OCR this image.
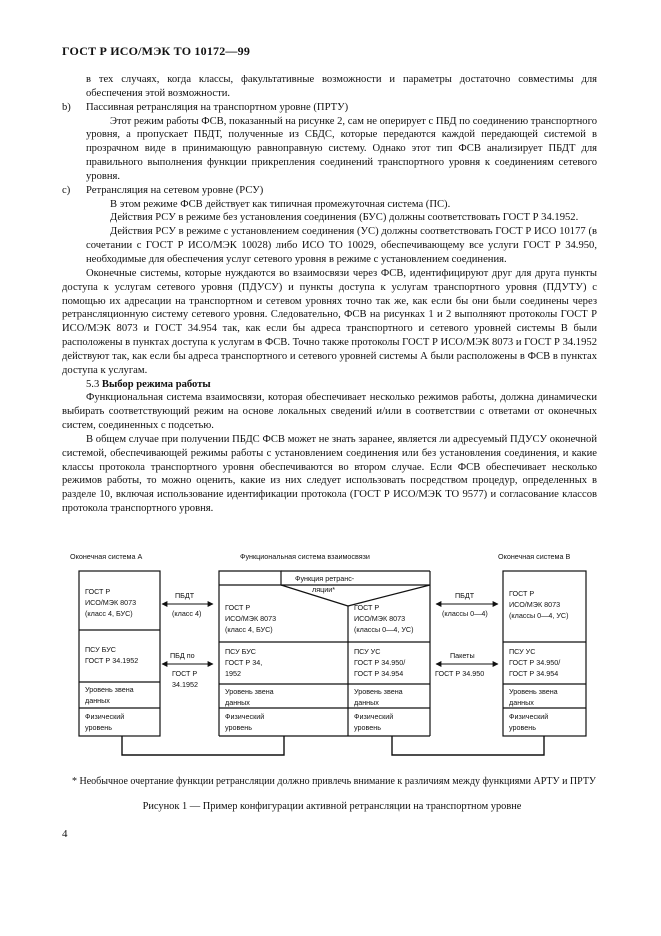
ГОСТ Р ИСО/МЭК ТО 10172—99

в тех случаях, когда классы, факультативные возможности и параметры достаточно совместимы для обеспечения этой возможности.

b) Пассивная ретрансляция на транспортном уровне (ПРТУ)

Этот режим работы ФСВ, показанный на рисунке 2, сам не оперирует с ПБД по соединению транспортного уровня, а пропускает ПБДТ, полученные из СБДС, которые передаются каждой передающей системой в прозрачном виде в принимающую равноправную систему. Однако этот тип ФСВ анализирует ПБДТ для правильного выполнения функции прикрепления соединений транспортного уровня к соединениям сетевого уровня.

c) Ретрансляция на сетевом уровне (РСУ)

В этом режиме ФСВ действует как типичная промежуточная система (ПС).

Действия РСУ в режиме без установления соединения (БУС) должны соответствовать ГОСТ Р 34.1952.

Действия РСУ в режиме с установлением соединения (УС) должны соответствовать ГОСТ Р ИСО 10177 (в сочетании с ГОСТ Р ИСО/МЭК 10028) либо ИСО ТО 10029, обеспечивающему все услуги ГОСТ Р 34.950, необходимые для обеспечения услуг сетевого уровня в режиме с установлением соединения.

Оконечные системы, которые нуждаются во взаимосвязи через ФСВ, идентифицируют друг для друга пункты доступа к услугам сетевого уровня (ПДУСУ) и пункты доступа к услугам транспортного уровня (ПДУТУ) с помощью их адресации на транспортном и сетевом уровнях точно так же, как если бы они были соединены через ретрансляционную систему сетевого уровня. Следовательно, ФСВ на рисунках 1 и 2 выполняют протоколы ГОСТ Р ИСО/МЭК 8073 и ГОСТ 34.954 так, как если бы адреса транспортного и сетевого уровней системы В были расположены в пунктах доступа к услугам в ФСВ. Точно также протоколы ГОСТ Р ИСО/МЭК 8073 и ГОСТ Р 34.1952 действуют так, как если бы адреса транспортного и сетевого уровней системы А были расположены в ФСВ в пунктах доступа к услугам.

5.3 Выбор режима работы

Функциональная система взаимосвязи, которая обеспечивает несколько режимов работы, должна динамически выбирать соответствующий режим на основе локальных сведений и/или в соответствии с ответами от оконечных систем, соединенных с подсетью.

В общем случае при получении ПБДС ФСВ может не знать заранее, является ли адресуемый ПДУСУ оконечной системой, обеспечивающей режимы работы с установлением соединения или без установления соединения, и какие классы протокола транспортного уровня обеспечиваются во втором случае. Если ФСВ обеспечивает несколько режимов работы, то можно оценить, какие из них следует использовать посредством процедур, определенных в разделе 10, включая использование идентификации протокола (ГОСТ Р ИСО/МЭК ТО 9577) и согласование классов протокола транспортного уровня.

Оконечная система А	Функциональная система взаимосвязи	Оконечная система В
ГОСТ Р ИСО/МЭК 8073 (класс 4, БУС)
ПСУ БУС ГОСТ Р 34.1952
Уровень звена данных
Физический уровень
ПБДТ
(класс 4)
ПБД по
ГОСТ Р 34.1952
Функция ретранс- ляции*
ГОСТ Р ИСО/МЭК 8073 (класс 4, БУС)
ПСУ БУС ГОСТ Р 34, 1952
Уровень звена данных
Физический уровень
ГОСТ Р ИСО/МЭК 8073 (классы 0—4, УС)
ПСУ УС ГОСТ Р 34.950/ ГОСТ Р 34.954
Уровень звена данных
Физический уровень
ПБДТ
(классы 0—4)
Пакеты
ГОСТ Р 34.950
ГОСТ Р ИСО/МЭК 8073 (классы 0—4, УС)
ПСУ УС ГОСТ Р 34.950/ ГОСТ Р 34.954
Уровень звена данных
Физический уровень

* Необычное очертание функции ретрансляции должно привлечь внимание к различиям между функциями АРТУ и ПРТУ

Рисунок 1 — Пример конфигурации активной ретрансляции на транспортном уровне
4
